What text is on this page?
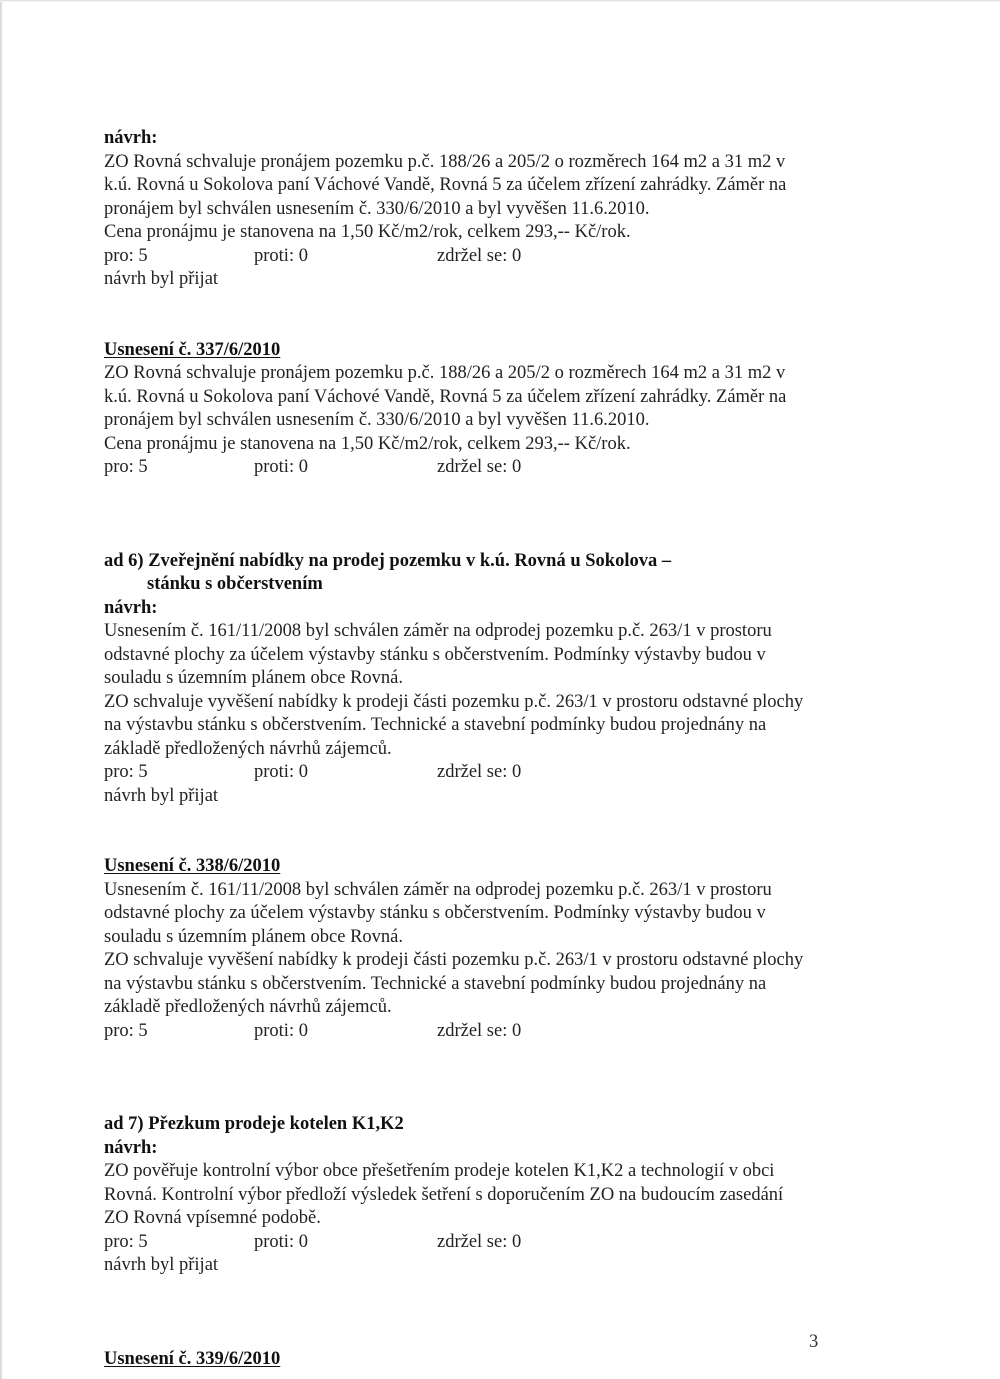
návrh:
ZO Rovná schvaluje pronájem pozemku p.č. 188/26 a 205/2 o rozměrech 164 m2 a 31 m2 v
k.ú. Rovná u Sokolova paní Váchové Vandě, Rovná 5 za účelem zřízení zahrádky. Záměr na
pronájem byl schválen usnesením č. 330/6/2010 a byl vyvěšen 11.6.2010.
Cena pronájmu je stanovena na 1,50 Kč/m2/rok, celkem 293,-- Kč/rok.
pro: 5	proti: 0	zdržel se: 0
návrh byl přijat
Usnesení č. 337/6/2010
ZO Rovná schvaluje pronájem pozemku p.č. 188/26 a 205/2 o rozměrech 164 m2 a 31 m2 v
k.ú. Rovná u Sokolova paní Váchové Vandě, Rovná 5 za účelem zřízení zahrádky. Záměr na
pronájem byl schválen usnesením č. 330/6/2010 a byl vyvěšen 11.6.2010.
Cena pronájmu je stanovena na 1,50 Kč/m2/rok, celkem 293,-- Kč/rok.
pro: 5	proti: 0	zdržel se: 0
ad 6) Zveřejnění nabídky na prodej pozemku v k.ú. Rovná u Sokolova –
stánku s občerstvením
návrh:
Usnesením č. 161/11/2008 byl schválen záměr na odprodej pozemku p.č. 263/1 v prostoru
odstavné plochy za účelem výstavby stánku s občerstvením. Podmínky výstavby budou v
souladu s územním plánem obce Rovná.
ZO schvaluje vyvěšení nabídky k prodeji části pozemku p.č. 263/1 v prostoru odstavné plochy
na výstavbu stánku s občerstvením. Technické a stavební podmínky budou projednány na
základě předložených návrhů zájemců.
pro: 5	proti: 0	zdržel se: 0
návrh byl přijat
Usnesení č. 338/6/2010
Usnesením č. 161/11/2008 byl schválen záměr na odprodej pozemku p.č. 263/1 v prostoru
odstavné plochy za účelem výstavby stánku s občerstvením. Podmínky výstavby budou v
souladu s územním plánem obce Rovná.
ZO schvaluje vyvěšení nabídky k prodeji části pozemku p.č. 263/1 v prostoru odstavné plochy
na výstavbu stánku s občerstvením. Technické a stavební podmínky budou projednány na
základě předložených návrhů zájemců.
pro: 5	proti: 0	zdržel se: 0
ad 7) Přezkum prodeje kotelen K1,K2
návrh:
ZO pověřuje kontrolní výbor obce přešetřením prodeje kotelen K1,K2 a technologií v obci
Rovná. Kontrolní výbor předloží výsledek šetření s doporučením ZO na budoucím zasedání
ZO Rovná vpísemné podobě.
pro: 5	proti: 0	zdržel se: 0
návrh byl přijat
Usnesení č. 339/6/2010
3
